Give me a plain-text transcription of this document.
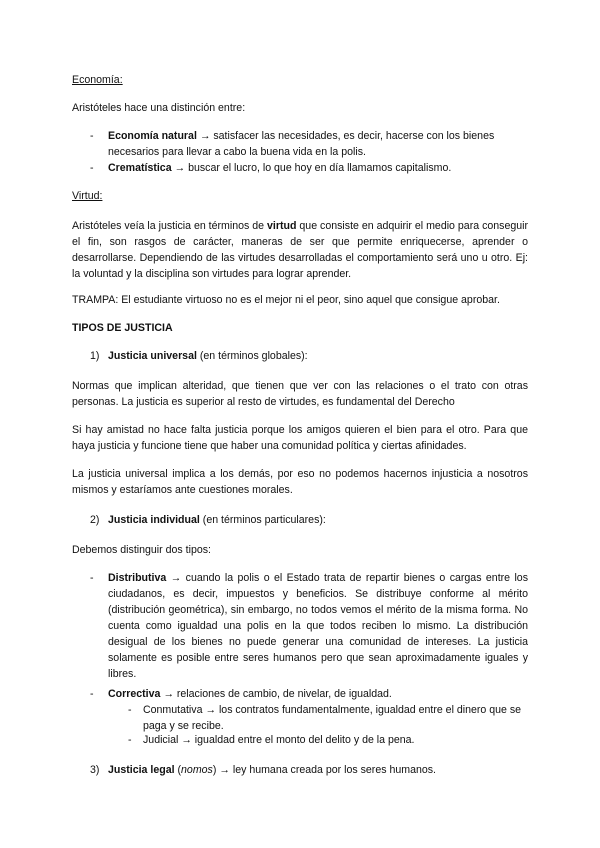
Economía:
Aristóteles hace una distinción entre:
- Economía natural → satisfacer las necesidades, es decir, hacerse con los bienes necesarios para llevar a cabo la buena vida en la polis.
- Crematística → buscar el lucro, lo que hoy en día llamamos capitalismo.
Virtud:
Aristóteles veía la justicia en términos de virtud que consiste en adquirir el medio para conseguir el fin, son rasgos de carácter, maneras de ser que permite enriquecerse, aprender o desarrollarse. Dependiendo de las virtudes desarrolladas el comportamiento será uno u otro. Ej: la voluntad y la disciplina son virtudes para lograr aprender.
TRAMPA: El estudiante virtuoso no es el mejor ni el peor, sino aquel que consigue aprobar.
TIPOS DE JUSTICIA
1) Justicia universal (en términos globales):
Normas que implican alteridad, que tienen que ver con las relaciones o el trato con otras personas. La justicia es superior al resto de virtudes, es fundamental del Derecho
Si hay amistad no hace falta justicia porque los amigos quieren el bien para el otro. Para que haya justicia y funcione tiene que haber una comunidad política y ciertas afinidades.
La justicia universal implica a los demás, por eso no podemos hacernos injusticia a nosotros mismos y estaríamos ante cuestiones morales.
2) Justicia individual (en términos particulares):
Debemos distinguir dos tipos:
- Distributiva → cuando la polis o el Estado trata de repartir bienes o cargas entre los ciudadanos, es decir, impuestos y beneficios. Se distribuye conforme al mérito (distribución geométrica), sin embargo, no todos vemos el mérito de la misma forma. No cuenta como igualdad una polis en la que todos reciben lo mismo. La distribución desigual de los bienes no puede generar una comunidad de intereses. La justicia solamente es posible entre seres humanos pero que sean aproximadamente iguales y libres.
- Correctiva → relaciones de cambio, de nivelar, de igualdad.
- Conmutativa → los contratos fundamentalmente, igualdad entre el dinero que se paga y se recibe.
- Judicial → igualdad entre el monto del delito y de la pena.
3) Justicia legal (nomos) → ley humana creada por los seres humanos.
